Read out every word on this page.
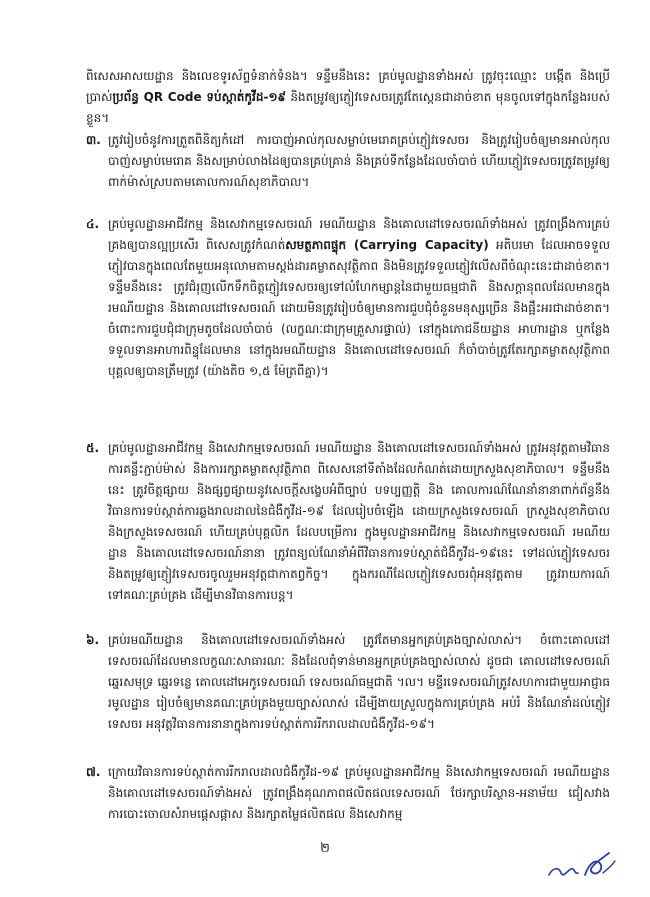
ពិសេសអាសយដ្ឋាន និងលេខទូរស័ព្ទទំនាក់ទំនង។ ទន្ទឹមនឹងនេះ គ្រប់មូលដ្ឋានទាំងអស់ ត្រូវចុះឈ្មោះ បង្កើត និងប្រើប្រាស់ប្រព័ន្ធ QR Code ទប់ស្កាត់កូវីដ-១៩ និងតម្រូវឲ្យភ្ញៀវទេសចរត្រូវតែស្កេនជាដាច់ខាត មុនចូលទៅក្នុងកន្លែងរបស់ខ្លួន។
៣. ត្រូវរៀបចំនូវការត្រួតពិនិត្យកំដៅ ការបាញ់អាល់កុលសម្លាប់មេរោគគ្រប់ភ្ញៀវទេសចរ និងត្រូវរៀបចំឲ្យមានអាល់កុលបាញ់សម្លាប់មេរោគ និងសម្រាប់លាងដៃឲ្យបានគ្រប់គ្រាន់ និងគ្រប់ទីកន្លែងដែលចាំបាច់ ហើយភ្ញៀវទេសចរត្រូវតម្រូវឲ្យពាក់ម៉ាស់ស្របតាមគោលការណ៍សុខាភិបាល។
៤. គ្រប់មូលដ្ឋានអាជីវកម្ម និងសេវាកម្មទេសចរណ៍ រមណីយដ្ឋាន និងគោលដៅទេសចរណ៍ទាំងអស់ ត្រូវពង្រឹងការគ្រប់គ្រងឲ្យបានល្អប្រសើរ ពិសេសត្រូវកំណត់សមត្ថភាពផ្ទុក (Carrying Capacity) អតិបរមា ដែលអាចទទួលភ្ញៀវបានក្នុងពេលតែមួយអនុលោមតាមស្តង់ដារគម្លាតសុវត្ថិភាព និងមិនត្រូវទទួលភ្ញៀវលើសពីចំណុះនេះជាដាច់ខាត។ ទន្ទឹមនឹងនេះ ត្រូវជំរុញលើកទឹកចិត្តភ្ញៀវទេសចរឲ្យទៅលំហែកម្សាន្តនៃជាមួយធម្មជាតិ និងសក្តានុពលដែលមានក្នុងរមណីយដ្ឋាន និងគោលដៅទេសចរណ៍ ដោយមិនត្រូវរៀបចំឲ្យមានការជួបជុំចំនួនមនុស្សច្រើន និងផ្អឹះអរជាដាច់ខាត។ ចំពោះការជួបជុំជាក្រុមតូចដែលចាំបាច់ (លក្ខណៈជាក្រុមគ្រួសារផ្ទាល់) នៅក្នុងភោជនីយដ្ឋាន អាហារដ្ឋាន ឬកន្លែងទទួលទានអាហារពិន្ទុដែលមាន នៅក្នុងរមណីយដ្ឋាន និងគោលដៅទេសចរណ៍ ក៏ចាំបាច់ត្រូវតែរក្សាគម្លាតសុវត្ថិភាពបុគ្គលឲ្យបានត្រឹមត្រូវ (យ៉ាងតិច ១,៥ ម៉ែត្រពីគ្នា)។
៥. គ្រប់មូលដ្ឋានអាជីវកម្ម និងសេវាកម្មទេសចរណ៍ រមណីយដ្ឋាន និងគោលដៅទេសចរណ៍ទាំងអស់ ត្រូវអនុវត្តតាមវិធានការគន្លឹះភ្ជាប់ម៉ាស់ និងការរក្សាគម្លាតសុវត្ថិភាព ពិសេសនៅទីតាំងដែលកំណត់ដោយក្រសួងសុខាភិបាល។ ទន្ទឹមនឹងនេះ ត្រូវចិត្តផ្សាយ និងផ្សព្វផ្សាយនូវសេចក្តីសង្ខេបអំពីច្បាប់ បទប្បញ្ញត្តិ និង គោលការណ៍ណែនាំនានាពាក់ព័ន្ធនឹងវិធានការទប់ស្កាត់ការឆ្លងរាលដាលនៃជំងឺកូវីដ-១៩ ដែលរៀបចំឡើង ដោយក្រសួងទេសចរណ៍ ក្រសួងសុខាភិបាល និងក្រសួងទេសចរណ៍ ហើយគ្រប់បុគ្គលិក ដែលបម្រើការ ក្នុងមូលដ្ឋានអាជីវកម្ម និងសេវាកម្មទេសចរណ៍ រមណីយដ្ឋាន និងគោលដៅទេសចរណ៍នានា ត្រូវពន្យល់ណែនាំអំពីវិធានការទប់ស្កាត់ជំងឺកូវីដ-១៩នេះ ទៅដល់ភ្ញៀវទេសចរ និងតម្រូវឲ្យភ្ញៀវទេសចរចូលរួមអនុវត្តជាកាតព្វកិច្ច។ ក្នុងករណីដែលភ្ញៀវទេសចរពុំអនុវត្តតាម ត្រូវរាយការណ៍ទៅគណៈគ្រប់គ្រង ដើម្បីមានវិធានការបន្ត។
៦. គ្រប់រមណីយដ្ឋាន និងគោលដៅទេសចរណ៍ទាំងអស់ ត្រូវតែមានអ្នកគ្រប់គ្រងច្បាស់លាស់។ ចំពោះគោលដៅទេសចរណ៍ដែលមានលក្ខណៈសាធារណៈ និងដែលពុំទាន់មានអ្នកគ្រប់គ្រងច្បាស់លាស់ ដូចជា គោលដៅទេសចរណ៍ឆ្នេរសមុទ្រ ឆ្នេរទន្លេ គោលដៅអេកូទេសចរណ៍ ទេសចរណ៍ធម្មជាតិ ។ល។ មន្ទីរទេសចរណ៍ត្រូវសហការជាមួយអាជ្ញាធរមូលដ្ឋាន រៀបចំឲ្យមានគណៈគ្រប់គ្រងមួយច្បាស់លាស់ ដើម្បីងាយស្រួលក្នុងការគ្រប់គ្រង អប់រំ និងណែនាំដល់ភ្ញៀវទេសចរ អនុវត្តវិធានការនានាក្នុងការទប់ស្កាត់ការរីករាលដាលជំងឺកូវីដ-១៩។
៧. ក្រោយវិធានការទប់ស្កាត់ការរីករាលដាលជំងឺកូវីដ-១៩ គ្រប់មូលដ្ឋានអាជីវកម្ម និងសេវាកម្មទេសចរណ៍ រមណីយដ្ឋាន និងគោលដៅទេសចរណ៍ទាំងអស់ ត្រូវពង្រឹងគុណភាពផលិតផលទេសចរណ៍ ថែរក្សាបរិស្ថាន-អនាម័យ ជៀសវាងការបោះចោលសំរាមផ្តេសផ្តាស និងរក្សាតម្លៃផលិតផល និងសេវាកម្ម
២
